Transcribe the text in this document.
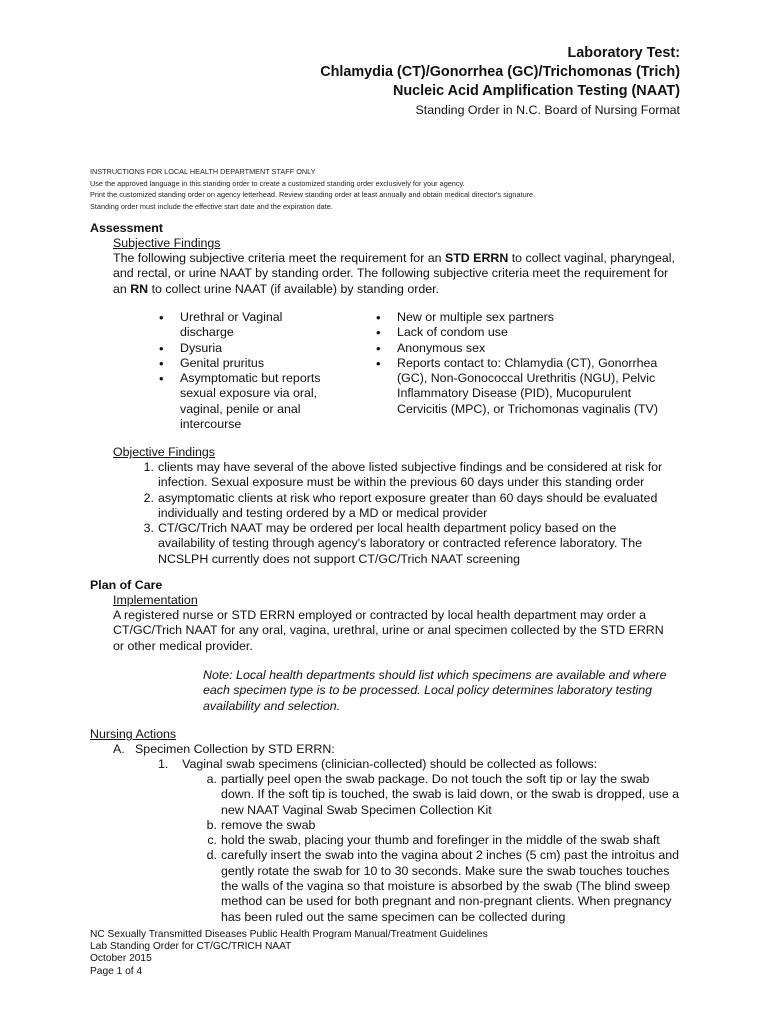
Laboratory Test:
Chlamydia (CT)/Gonorrhea (GC)/Trichomonas (Trich)
Nucleic Acid Amplification Testing (NAAT)
Standing Order in N.C. Board of Nursing Format
INSTRUCTIONS FOR LOCAL HEALTH DEPARTMENT STAFF ONLY
Use the approved language in this standing order to create a customized standing order exclusively for your agency.
Print the customized standing order on agency letterhead. Review standing order at least annually and obtain medical director's signature.
Standing order must include the effective start date and the expiration date.
Assessment
Subjective Findings

The following subjective criteria meet the requirement for an STD ERRN to collect vaginal, pharyngeal, and rectal, or urine NAAT by standing order. The following subjective criteria meet the requirement for an RN to collect urine NAAT (if available) by standing order.

• Urethral or Vaginal discharge
• Dysuria
• Genital pruritus
• Asymptomatic but reports sexual exposure via oral, vaginal, penile or anal intercourse
• New or multiple sex partners
• Lack of condom use
• Anonymous sex
• Reports contact to: Chlamydia (CT), Gonorrhea (GC), Non-Gonococcal Urethritis (NGU), Pelvic Inflammatory Disease (PID), Mucopurulent Cervicitis (MPC), or Trichomonas vaginalis (TV)
Objective Findings
1. clients may have several of the above listed subjective findings and be considered at risk for infection. Sexual exposure must be within the previous 60 days under this standing order
2. asymptomatic clients at risk who report exposure greater than 60 days should be evaluated individually and testing ordered by a MD or medical provider
3. CT/GC/Trich NAAT may be ordered per local health department policy based on the availability of testing through agency's laboratory or contracted reference laboratory. The NCSLPH currently does not support CT/GC/Trich NAAT screening
Plan of Care
Implementation

A registered nurse or STD ERRN employed or contracted by local health department may order a CT/GC/Trich NAAT for any oral, vagina, urethral, urine or anal specimen collected by the STD ERRN or other medical provider.

Note: Local health departments should list which specimens are available and where each specimen type is to be processed. Local policy determines laboratory testing availability and selection.

Nursing Actions
A. Specimen Collection by STD ERRN:
1. Vaginal swab specimens (clinician-collected) should be collected as follows:
a. partially peel open the swab package. Do not touch the soft tip or lay the swab down. If the soft tip is touched, the swab is laid down, or the swab is dropped, use a new NAAT Vaginal Swab Specimen Collection Kit
b. remove the swab
c. hold the swab, placing your thumb and forefinger in the middle of the swab shaft
d. carefully insert the swab into the vagina about 2 inches (5 cm) past the introitus and gently rotate the swab for 10 to 30 seconds. Make sure the swab touches touches the walls of the vagina so that moisture is absorbed by the swab (The blind sweep method can be used for both pregnant and non-pregnant clients. When pregnancy has been ruled out the same specimen can be collected during
NC Sexually Transmitted Diseases Public Health Program Manual/Treatment Guidelines
Lab Standing Order for CT/GC/TRICH NAAT
October 2015
Page 1 of 4
